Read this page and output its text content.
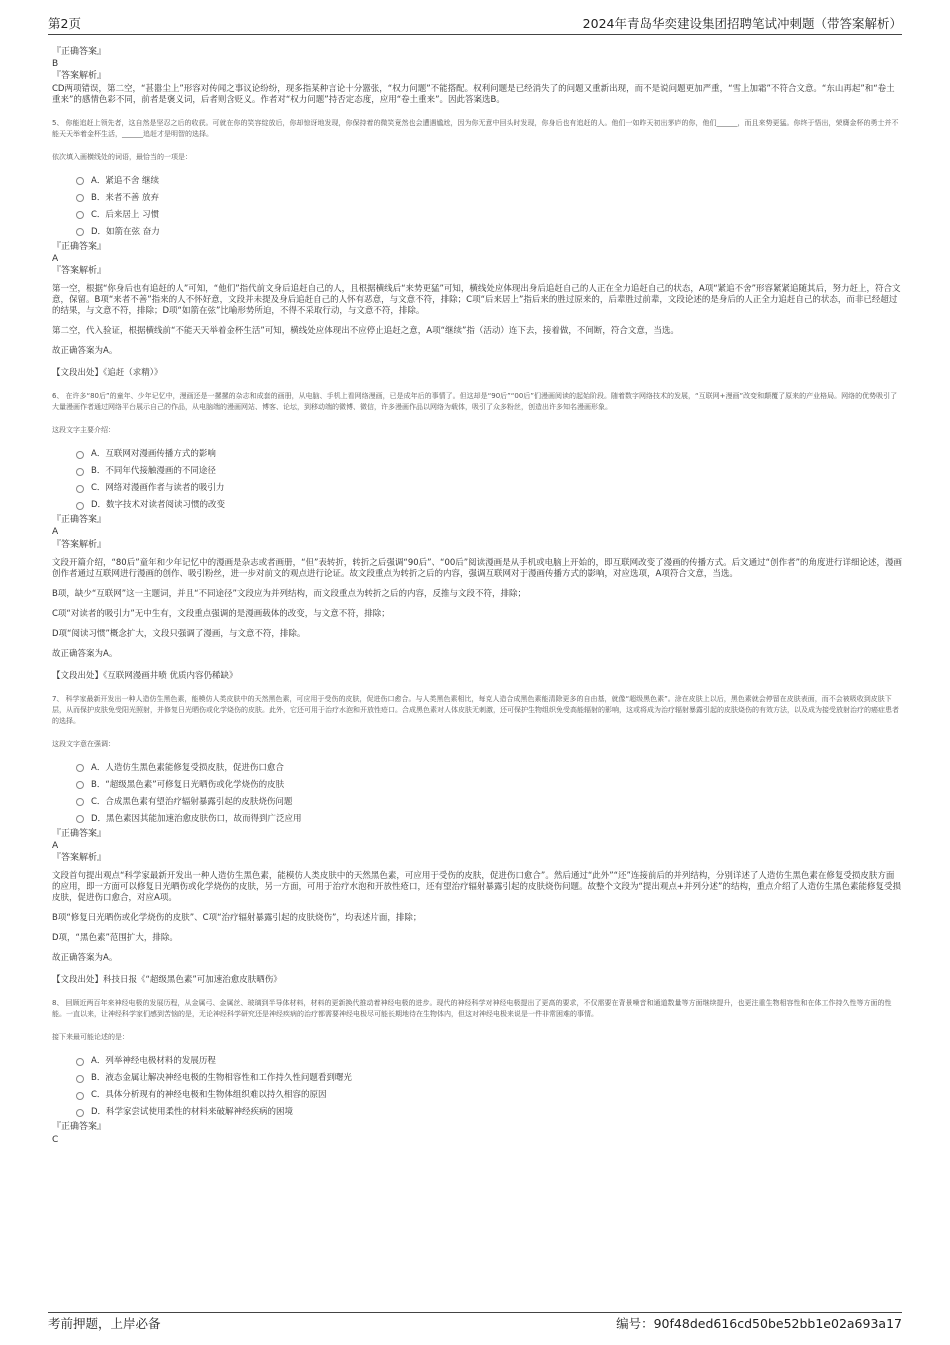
第2页	2024年青岛华奕建设集团招聘笔试冲刺题（带答案解析）
『正确答案』
B
『答案解析』
CD两项错误，第二空，“甚嚣尘上”形容对传闻之事议论纷纷，现多指某种言论十分嚣张，“权力问题”不能搭配。权利问题是已经消失了的问题又重新出现，而不是说问题更加严重，“雪上加霜”不符合文意。“东山再起”和“卷土重来”的感情色彩不同，前者是褒义词，后者则含贬义。作者对“权力问题”持否定态度，应用“卷土重来”。因此答案选B。
5、 你能追赶上领先者，这自然是坚忍之后的收获。可就在你的笑容绽放后，你却惊讶地发现，你保持着的微笑竟然也会遭遇尴尬，因为你无意中回头时发现，你身后也有追赶的人。他们一如昨天初出茅庐的你，他们______，而且来势更猛。你终于悟出，荣膺金杯的勇士并不能天天举着金杯生活，______追赶才是明智的选择。
依次填入画横线处的词语，最恰当的一项是：
A．紧追不舍 继续
B．来者不善 放弃
C．后来居上 习惯
D．如箭在弦 奋力
『正确答案』
A
『答案解析』
第一空，根据“你身后也有追赶的人”可知，“他们”指代前文身后追赶自己的人，且根据横线后“来势更猛”可知，横线处应体现出身后追赶自己的人正在全力追赶自己的状态，A项“紧追不舍”形容紧紧追随其后，努力赶上，符合文意，保留。B项“来者不善”指来的人不怀好意，文段并未提及身后追赶自己的人怀有恶意，与文意不符，排除；C项“后来居上”指后来的胜过原来的，后辈胜过前辈，文段论述的是身后的人正全力追赶自己的状态，而非已经超过的结果，与文意不符，排除；D项“如箭在弦”比喻形势所迫，不得不采取行动，与文意不符，排除。
第二空，代入验证，根据横线前“不能天天举着金杯生活”可知，横线处应体现出不应停止追赶之意，A项“继续”指（活动）连下去，接着做，不间断，符合文意，当选。
故正确答案为A。
【文段出处】《追赶（求精）》
6、 在许多“80后”的童年、少年记忆中，漫画还是一摞摞的杂志和成套的画册，从电脑、手机上看网络漫画，已是成年后的事情了。但这却是“90后”“00后”们漫画阅读的起始阶段。随着数字网络技术的发展，“互联网+漫画”改变和颠覆了原来的产业格局。网络的优势吸引了大量漫画作者通过网络平台展示自己的作品，从电脑端的漫画网站、博客、论坛，到移动端的微博、微信，许多漫画作品以网络为载体，吸引了众多粉丝，创造出许多知名漫画形象。
这段文字主要介绍：
A．互联网对漫画传播方式的影响
B．不同年代接触漫画的不同途径
C．网络对漫画作者与读者的吸引力
D．数字技术对读者阅读习惯的改变
『正确答案』
A
『答案解析』
文段开篇介绍，“80后”童年和少年记忆中的漫画是杂志或者画册，“但”表转折，转折之后强调“90后”、“00后”阅读漫画是从手机或电脑上开始的，即互联网改变了漫画的传播方式。后文通过“创作者”的角度进行详细论述，漫画创作者通过互联网进行漫画的创作、吸引粉丝，进一步对前文的观点进行论证。故文段重点为转折之后的内容，强调互联网对于漫画传播方式的影响，对应选项，A项符合文意，当选。
B项，缺少“互联网”这一主题词，并且“不同途径”文段应为并列结构，而文段重点为转折之后的内容，反推与文段不符，排除；
C项“对读者的吸引力”无中生有，文段重点强调的是漫画载体的改变，与文意不符，排除；
D项“阅读习惯”概念扩大，文段只强调了漫画，与文意不符，排除。
故正确答案为A。
【文段出处】《互联网漫画井喷 优质内容仍稀缺》
7、 科学家最新开发出一种人造仿生黑色素，能模仿人类皮肤中的天然黑色素，可应用于受伤的皮肤，促进伤口愈合。与人类黑色素相比，每克人造合成黑色素能清除更多的自由基，就像“超级黑色素”。涂在皮肤上以后，黑色素就会停留在皮肤表面，而不会被吸收到皮肤下层，从而保护皮肤免受阳光照射，并修复日光晒伤或化学烧伤的皮肤。此外，它还可用于治疗水泡和开放性疮口。合成黑色素对人体皮肤无刺激，还可保护生物组织免受高能辐射的影响，这或将成为治疗辐射暴露引起的皮肤烧伤的有效方法，以及成为接受放射治疗的癌症患者的选择。
这段文字意在强调：
A．人造仿生黑色素能修复受损皮肤，促进伤口愈合
B．“超级黑色素”可修复日光晒伤或化学烧伤的皮肤
C．合成黑色素有望治疗辐射暴露引起的皮肤烧伤问题
D．黑色素因其能加速治愈皮肤伤口，故而得到广泛应用
『正确答案』
A
『答案解析』
文段首句提出观点“科学家最新开发出一种人造仿生黑色素，能模仿人类皮肤中的天然黑色素，可应用于受伤的皮肤，促进伤口愈合”。然后通过“此外”“还”连接前后的并列结构，分别详述了人造仿生黑色素在修复受损皮肤方面的应用，即一方面可以修复日光晒伤或化学烧伤的皮肤，另一方面，可用于治疗水泡和开放性疮口，还有望治疗辐射暴露引起的皮肤烧伤问题。故整个文段为“提出观点+并列分述”的结构，重点介绍了人造仿生黑色素能修复受损皮肤，促进伤口愈合，对应A项。
B项“修复日光晒伤或化学烧伤的皮肤”、C项“治疗辐射暴露引起的皮肤烧伤”，均表述片面，排除；
D项，“黑色素”范围扩大，排除。
故正确答案为A。
【文段出处】科技日报《“超级黑色素”可加速治愈皮肤晒伤》
8、 回顾近两百年来神经电极的发展历程，从金属弓、金属丝、玻璃到半导体材料，材料的更新换代推动着神经电极的进步。现代的神经科学对神经电极提出了更高的要求，不仅需要在背景噪音和通道数量等方面继续提升，也更注重生物相容性和在体工作持久性等方面的性能。一直以来，让神经科学家们感到苦恼的是，无论神经科学研究还是神经疾病的治疗都需要神经电极尽可能长期地待在生物体内，但这对神经电极来说是一件非常困难的事情。
接下来最可能论述的是：
A．列举神经电极材料的发展历程
B．液态金属让解决神经电极的生物相容性和工作持久性问题看到曙光
C．具体分析现有的神经电极和生物体组织难以持久相容的原因
D．科学家尝试使用柔性的材料来破解神经疾病的困境
『正确答案』
C
考前押题，上岸必备	编号：90f48ded616cd50be52bb1e02a693a17
